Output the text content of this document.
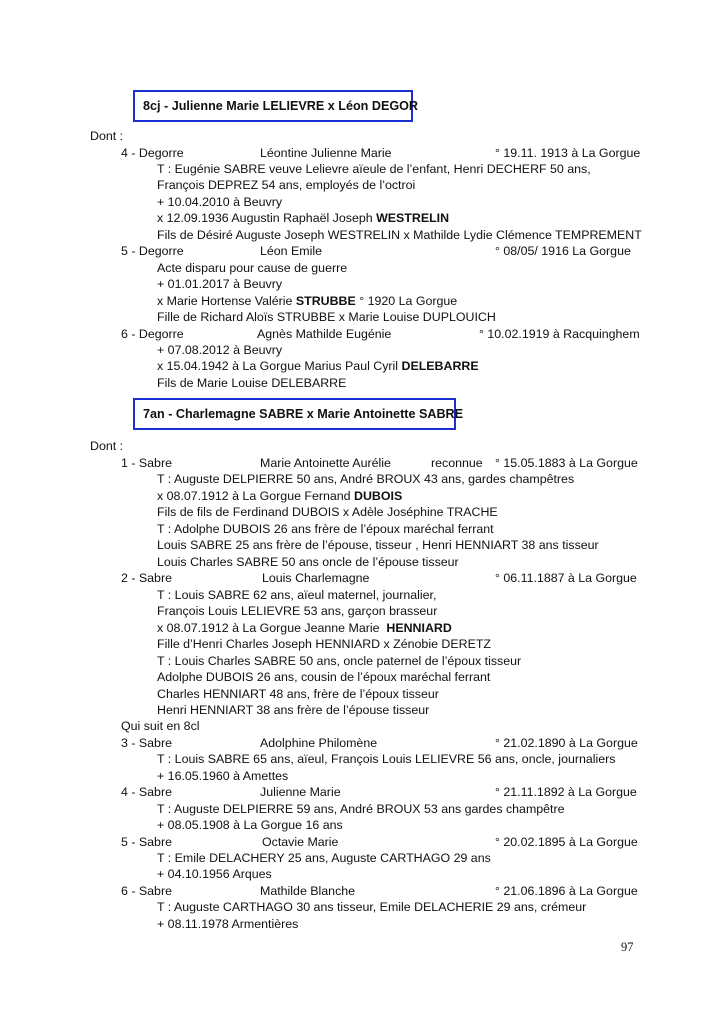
8cj - Julienne Marie LELIEVRE x Léon DEGOR
Dont :
4 - Degorre	Léontine Julienne Marie	° 19.11. 1913 à La Gorgue
T : Eugénie SABRE veuve Lelievre aïeule de l’enfant, Henri DECHERF 50 ans,
François DEPREZ 54 ans, employés de l’octroi
+ 10.04.2010 à Beuvry
x 12.09.1936 Augustin Raphaël Joseph WESTRELIN
Fils de Désiré Auguste Joseph WESTRELIN x Mathilde Lydie Clémence TEMPREMENT
5 - Degorre	Léon Emile	° 08/05/ 1916 La Gorgue
Acte disparu pour cause de guerre
+ 01.01.2017 à Beuvry
x Marie Hortense Valérie STRUBBE ° 1920 La Gorgue
Fille de Richard Aloïs STRUBBE x Marie Louise DUPLOUICH
6 - Degorre	Agnès Mathilde Eugénie	° 10.02.1919 à Racquinghem
+ 07.08.2012 à Beuvry
x 15.04.1942 à La Gorgue Marius Paul Cyril DELEBARRE
Fils de Marie Louise DELEBARRE
7an - Charlemagne SABRE x Marie Antoinette SABRE
Dont :
1 - Sabre	Marie Antoinette Aurélie	reconnue ° 15.05.1883 à La Gorgue
T : Auguste DELPIERRE 50 ans, André BROUX 43 ans, gardes champêtres
x 08.07.1912 à La Gorgue Fernand DUBOIS
Fils de fils de Ferdinand DUBOIS x Adèle Joséphine TRACHE
T : Adolphe DUBOIS 26 ans frère de l’époux maréchal ferrant
Louis SABRE 25 ans frère de l’épouse, tisseur , Henri HENNIART 38 ans tisseur
Louis Charles SABRE 50 ans oncle de l’épouse tisseur
2 - Sabre	Louis Charlemagne	° 06.11.1887 à La Gorgue
T : Louis SABRE 62 ans, aïeul maternel, journalier,
François Louis LELIEVRE 53 ans, garçon brasseur
x 08.07.1912 à La Gorgue Jeanne Marie  HENNIARD
Fille d’Henri Charles Joseph HENNIARD x Zénobie DERETZ
T : Louis Charles SABRE 50 ans, oncle paternel de l’époux tisseur
Adolphe DUBOIS 26 ans, cousin de l’époux maréchal ferrant
Charles HENNIART 48 ans, frère de l’époux tisseur
Henri HENNIART 38 ans frère de l’épouse tisseur
Qui suit en 8cl
3 - Sabre	Adolphine Philomène	° 21.02.1890 à La Gorgue
T : Louis SABRE 65 ans, aïeul, François Louis LELIEVRE 56 ans, oncle, journaliers
+ 16.05.1960 à Amettes
4 - Sabre	Julienne Marie	° 21.11.1892 à La Gorgue
T : Auguste DELPIERRE 59 ans, André BROUX 53 ans gardes champêtre
+ 08.05.1908 à La Gorgue 16 ans
5 - Sabre	Octavie Marie	° 20.02.1895 à La Gorgue
T : Emile DELACHERY 25 ans, Auguste CARTHAGO 29 ans
+ 04.10.1956 Arques
6 - Sabre	Mathilde Blanche	° 21.06.1896 à La Gorgue
T : Auguste CARTHAGO 30 ans tisseur, Emile DELACHERIE 29 ans, crémeur
+ 08.11.1978 Armentières
97
